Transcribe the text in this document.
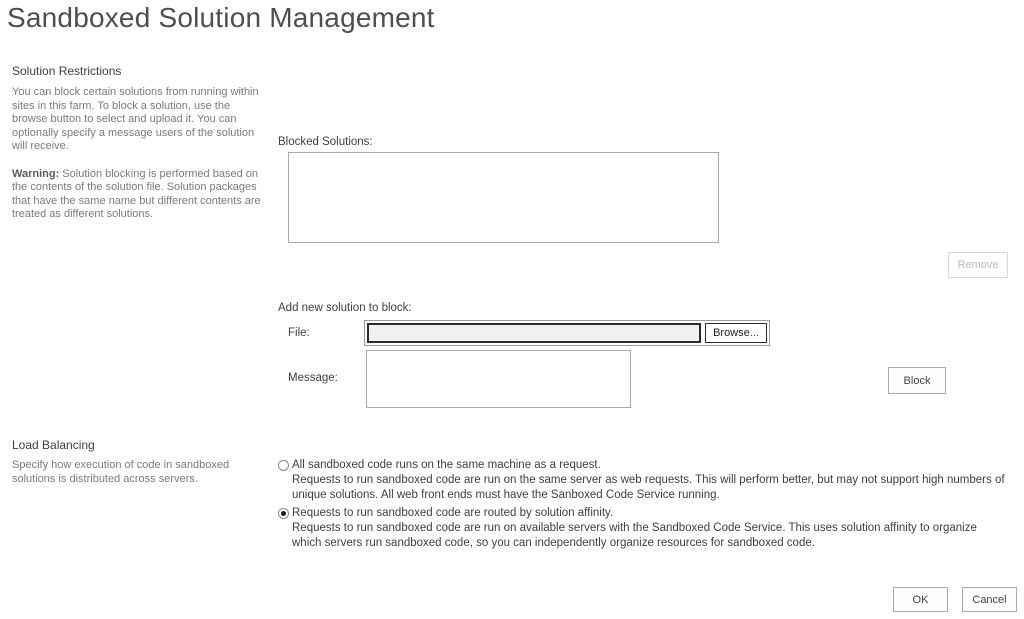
Sandboxed Solution Management
Solution Restrictions
You can block certain solutions from running within sites in this farm. To block a solution, use the browse button to select and upload it. You can optionally specify a message users of the solution will receive.
Warning: Solution blocking is performed based on the contents of the solution file. Solution packages that have the same name but different contents are treated as different solutions.
Blocked Solutions:
Remove
Add new solution to block:
File:	Browse...
Message:	Block
Load Balancing
Specify how execution of code in sandboxed solutions is distributed across servers.
All sandboxed code runs on the same machine as a request.
Requests to run sandboxed code are run on the same server as web requests. This will perform better, but may not support high numbers of unique solutions. All web front ends must have the Sanboxed Code Service running.
Requests to run sandboxed code are routed by solution affinity.
Requests to run sandboxed code are run on available servers with the Sandboxed Code Service. This uses solution affinity to organize which servers run sandboxed code, so you can independently organize resources for sandboxed code.
OK	Cancel
